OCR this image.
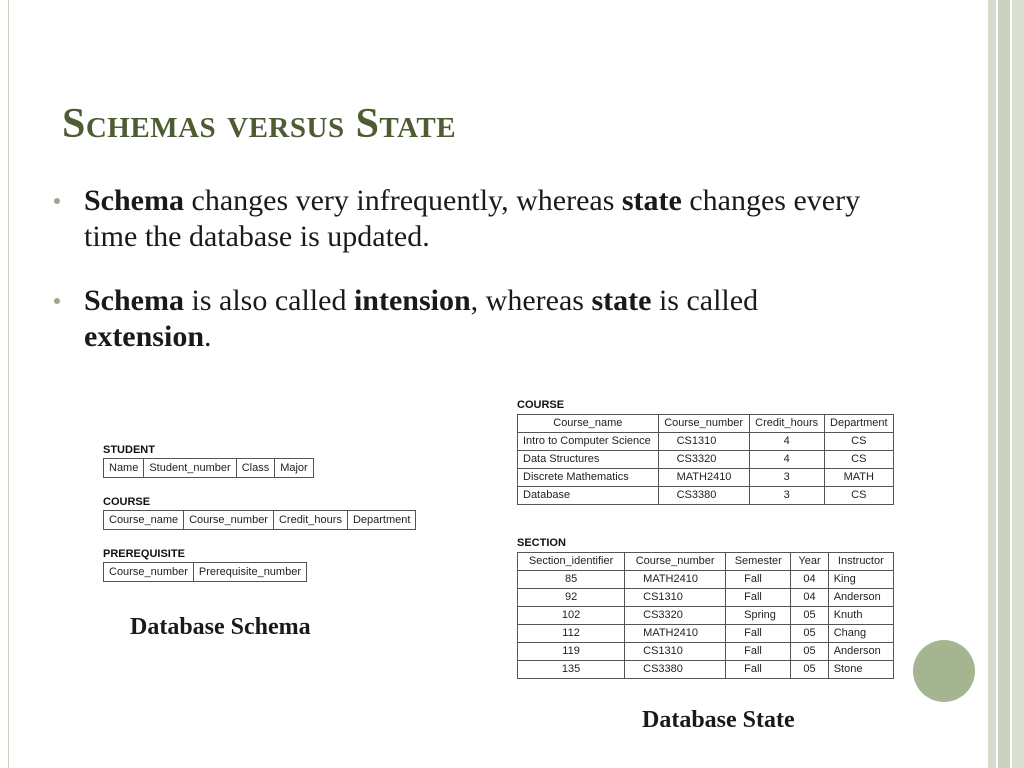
Schemas versus State
Schema changes very infrequently, whereas state changes every time the database is updated.
Schema is also called intension, whereas state is called extension.
STUDENT
Name	Student_number	Class	Major
COURSE
Course_name	Course_number	Credit_hours	Department
PREREQUISITE
Course_number	Prerequisite_number
Database Schema
COURSE
Course_name	Course_number	Credit_hours	Department
Intro to Computer Science	CS1310	4	CS
Data Structures	CS3320	4	CS
Discrete Mathematics	MATH2410	3	MATH
Database	CS3380	3	CS
SECTION
Section_identifier	Course_number	Semester	Year	Instructor
85	MATH2410	Fall	04	King
92	CS1310	Fall	04	Anderson
102	CS3320	Spring	05	Knuth
112	MATH2410	Fall	05	Chang
119	CS1310	Fall	05	Anderson
135	CS3380	Fall	05	Stone
Database State
